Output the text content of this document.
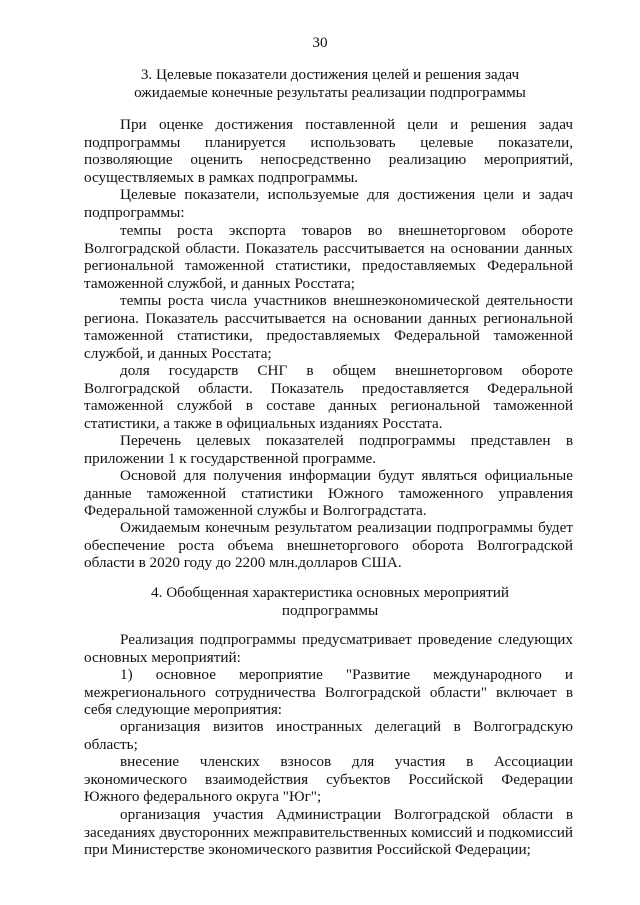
30
3. Целевые показатели достижения целей и решения задач
ожидаемые конечные результаты реализации подпрограммы

При оценке достижения поставленной цели и решения задач подпрограммы планируется использовать целевые показатели, позволяющие оценить непосредственно реализацию мероприятий, осуществляемых в рамках подпрограммы.

Целевые показатели, используемые для достижения цели и задач подпрограммы:

темпы роста экспорта товаров во внешнеторговом обороте Волгоградской области. Показатель рассчитывается на основании данных региональной таможенной статистики, предоставляемых Федеральной таможенной службой, и данных Росстата;

темпы роста числа участников внешнеэкономической деятельности региона. Показатель рассчитывается на основании данных региональной таможенной статистики, предоставляемых Федеральной таможенной службой, и данных Росстата;

доля государств СНГ в общем внешнеторговом обороте Волгоградской области. Показатель предоставляется Федеральной таможенной службой в составе данных региональной таможенной статистики, а также в официальных изданиях Росстата.

Перечень целевых показателей подпрограммы представлен в приложении 1 к государственной программе.

Основой для получения информации будут являться официальные данные таможенной статистики Южного таможенного управления Федеральной таможенной службы и Волгоградстата.

Ожидаемым конечным результатом реализации подпрограммы будет обеспечение роста объема внешнеторгового оборота Волгоградской области в 2020 году до 2200 млн.долларов США.

4. Обобщенная характеристика основных мероприятий
подпрограммы

Реализация подпрограммы предусматривает проведение следующих основных мероприятий:

1) основное мероприятие "Развитие международного и межрегионального сотрудничества Волгоградской области" включает в себя следующие мероприятия:

организация визитов иностранных делегаций в Волгоградскую область;

внесение членских взносов для участия в Ассоциации экономического взаимодействия субъектов Российской Федерации Южного федерального округа "Юг";

организация участия Администрации Волгоградской области в заседаниях двусторонних межправительственных комиссий и подкомиссий при Министерстве экономического развития Российской Федерации;
